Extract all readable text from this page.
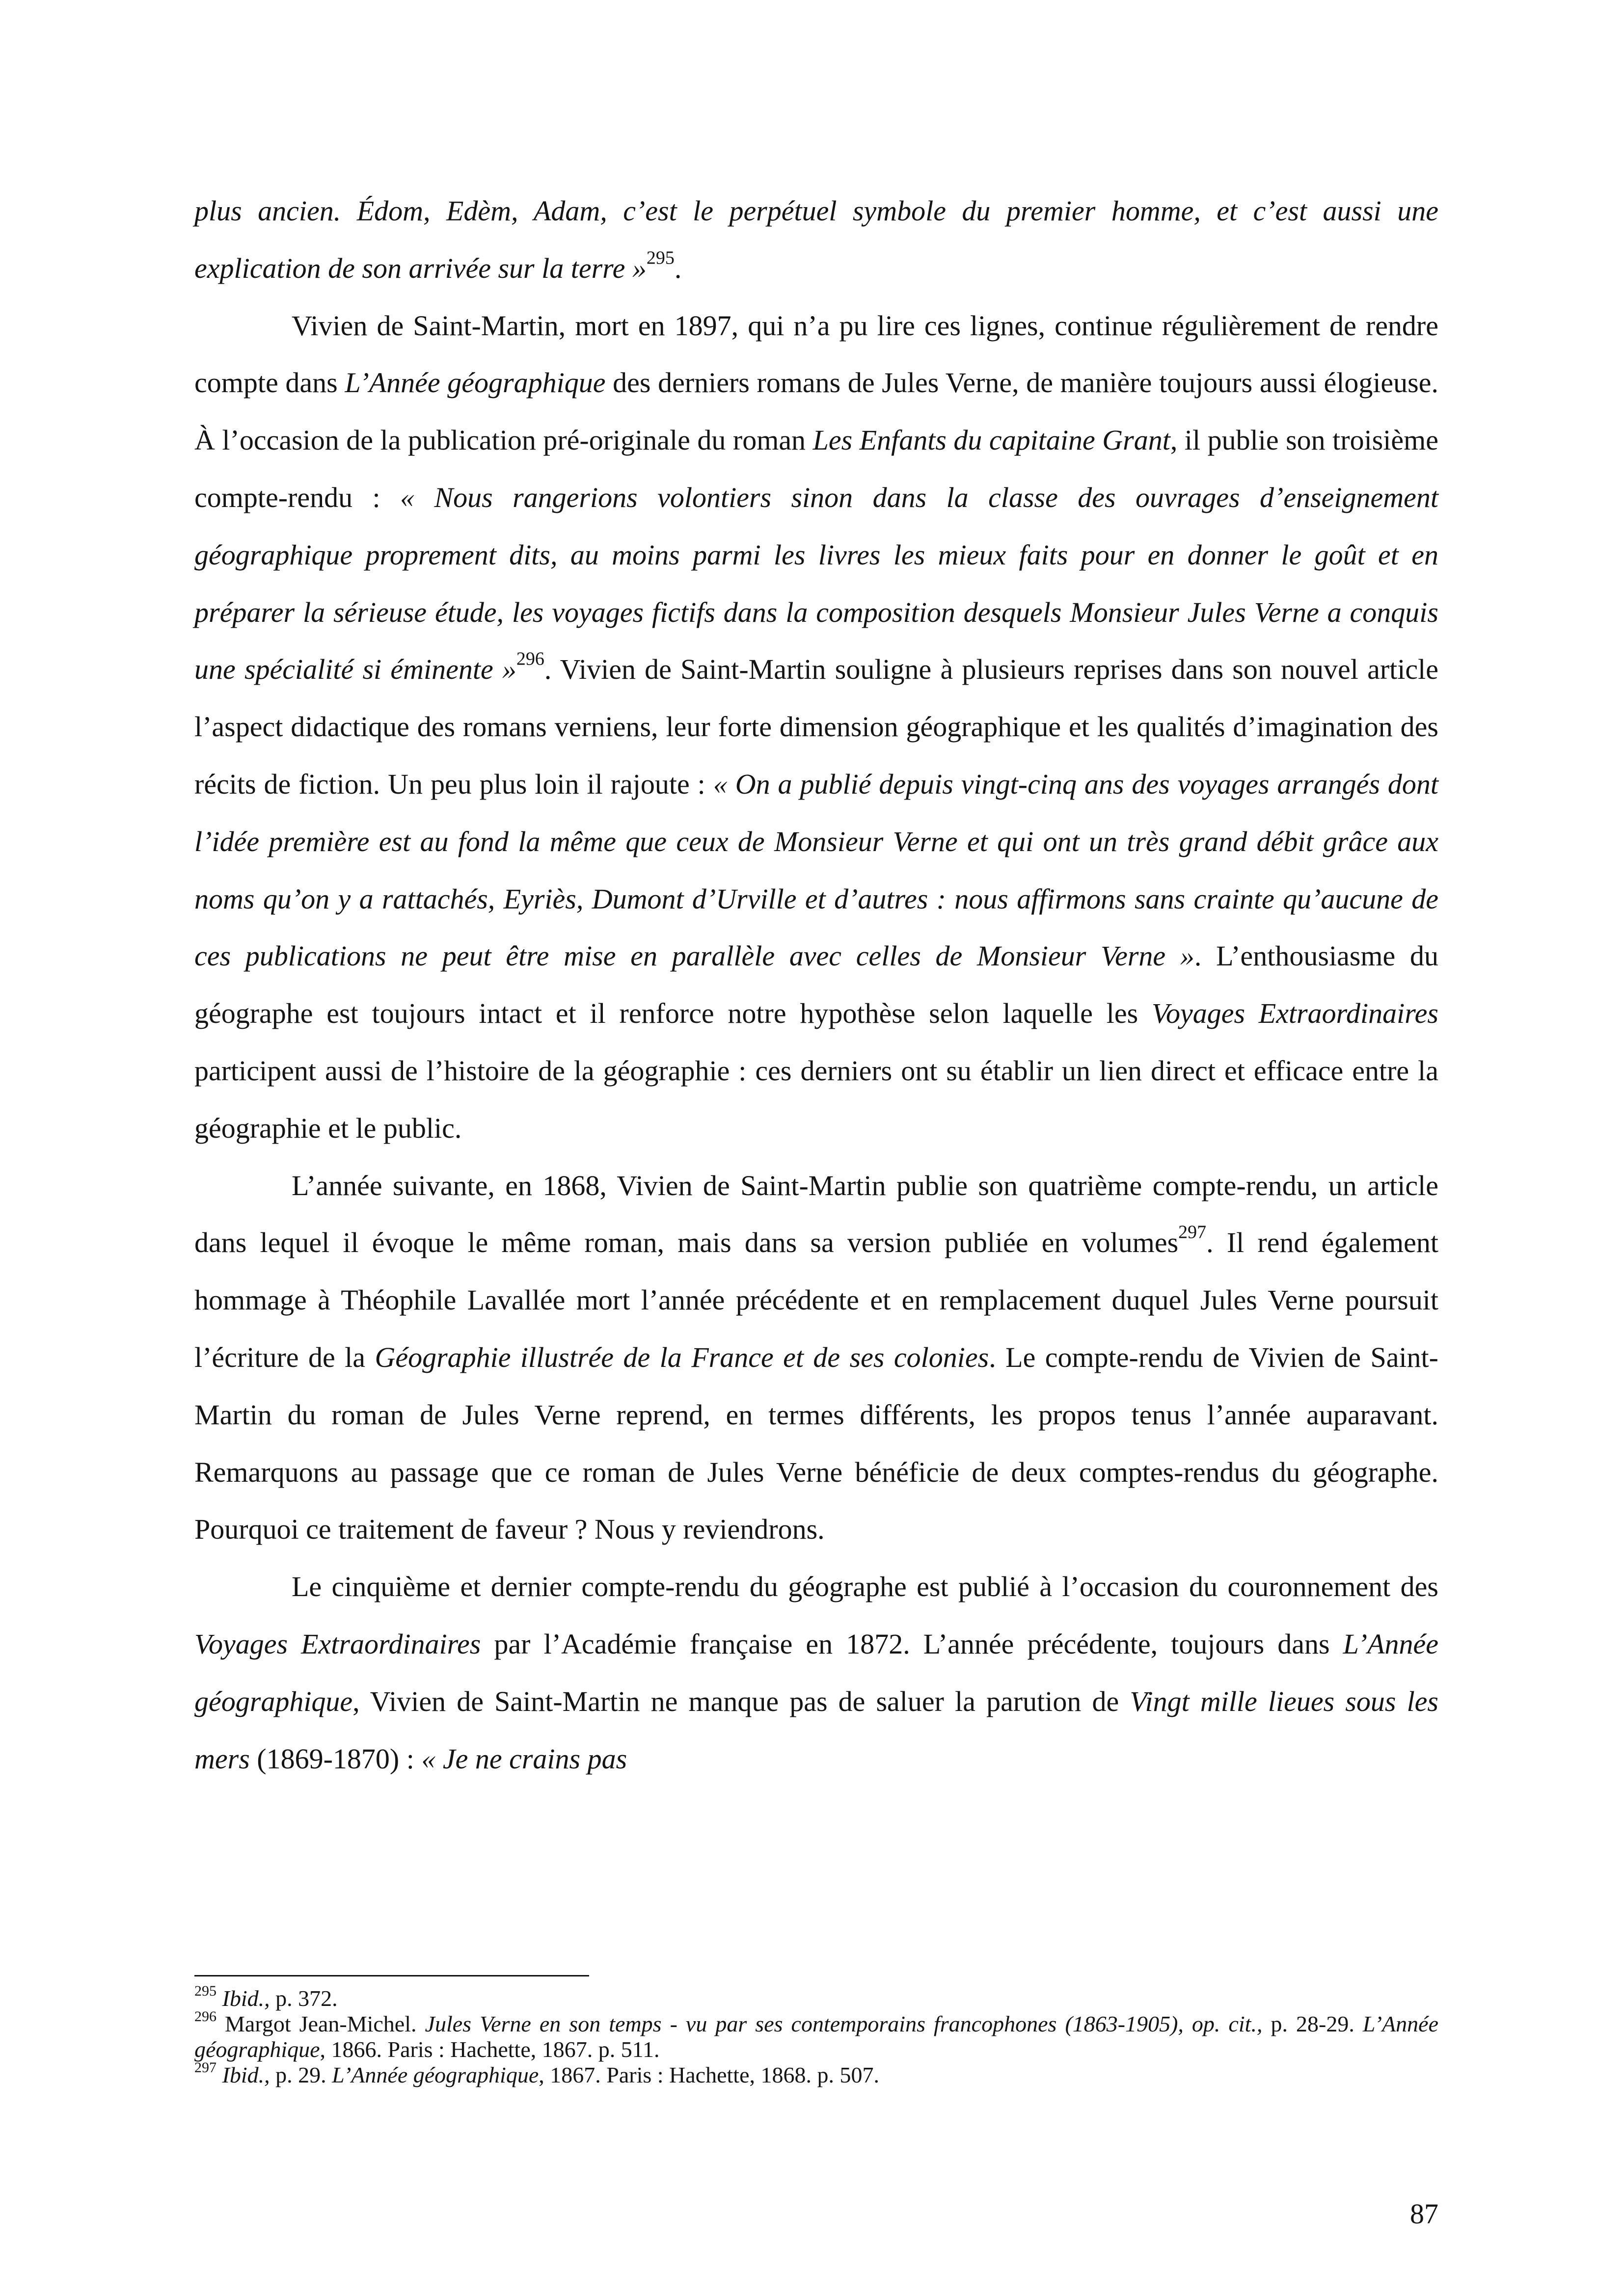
plus ancien. Édom, Edèm, Adam, c’est le perpétuel symbole du premier homme, et c’est aussi une explication de son arrivée sur la terre »$^{295}$.

Vivien de Saint-Martin, mort en 1897, qui n’a pu lire ces lignes, continue régulièrement de rendre compte dans L’Année géographique des derniers romans de Jules Verne, de manière toujours aussi élogieuse. À l’occasion de la publication pré-originale du roman Les Enfants du capitaine Grant, il publie son troisième compte-rendu : « Nous rangerions volontiers sinon dans la classe des ouvrages d’enseignement géographique proprement dits, au moins parmi les livres les mieux faits pour en donner le goût et en préparer la sérieuse étude, les voyages fictifs dans la composition desquels Monsieur Jules Verne a conquis une spécialité si éminente »$^{296}$. Vivien de Saint-Martin souligne à plusieurs reprises dans son nouvel article l’aspect didactique des romans verniens, leur forte dimension géographique et les qualités d’imagination des récits de fiction. Un peu plus loin il rajoute : « On a publié depuis vingt-cinq ans des voyages arrangés dont l’idée première est au fond la même que ceux de Monsieur Verne et qui ont un très grand débit grâce aux noms qu’on y a rattachés, Eyriès, Dumont d’Urville et d’autres : nous affirmons sans crainte qu’aucune de ces publications ne peut être mise en parallèle avec celles de Monsieur Verne ». L’enthousiasme du géographe est toujours intact et il renforce notre hypothèse selon laquelle les Voyages Extraordinaires participent aussi de l’histoire de la géographie : ces derniers ont su établir un lien direct et efficace entre la géographie et le public.

L’année suivante, en 1868, Vivien de Saint-Martin publie son quatrième compte-rendu, un article dans lequel il évoque le même roman, mais dans sa version publiée en volumes$^{297}$. Il rend également hommage à Théophile Lavallée mort l’année précédente et en remplacement duquel Jules Verne poursuit l’écriture de la Géographie illustrée de la France et de ses colonies. Le compte-rendu de Vivien de Saint-Martin du roman de Jules Verne reprend, en termes différents, les propos tenus l’année auparavant. Remarquons au passage que ce roman de Jules Verne bénéficie de deux comptes-rendus du géographe. Pourquoi ce traitement de faveur ? Nous y reviendrons.

Le cinquième et dernier compte-rendu du géographe est publié à l’occasion du couronnement des Voyages Extraordinaires par l’Académie française en 1872. L’année précédente, toujours dans L’Année géographique, Vivien de Saint-Martin ne manque pas de saluer la parution de Vingt mille lieues sous les mers (1869-1870) : « Je ne crains pas

$^{295}$ Ibid., p. 372.

$^{296}$ Margot Jean-Michel. Jules Verne en son temps - vu par ses contemporains francophones (1863-1905), op. cit., p. 28-29. L’Année géographique, 1866. Paris : Hachette, 1867. p. 511.

$^{297}$ Ibid., p. 29. L’Année géographique, 1867. Paris : Hachette, 1868. p. 507.

87
